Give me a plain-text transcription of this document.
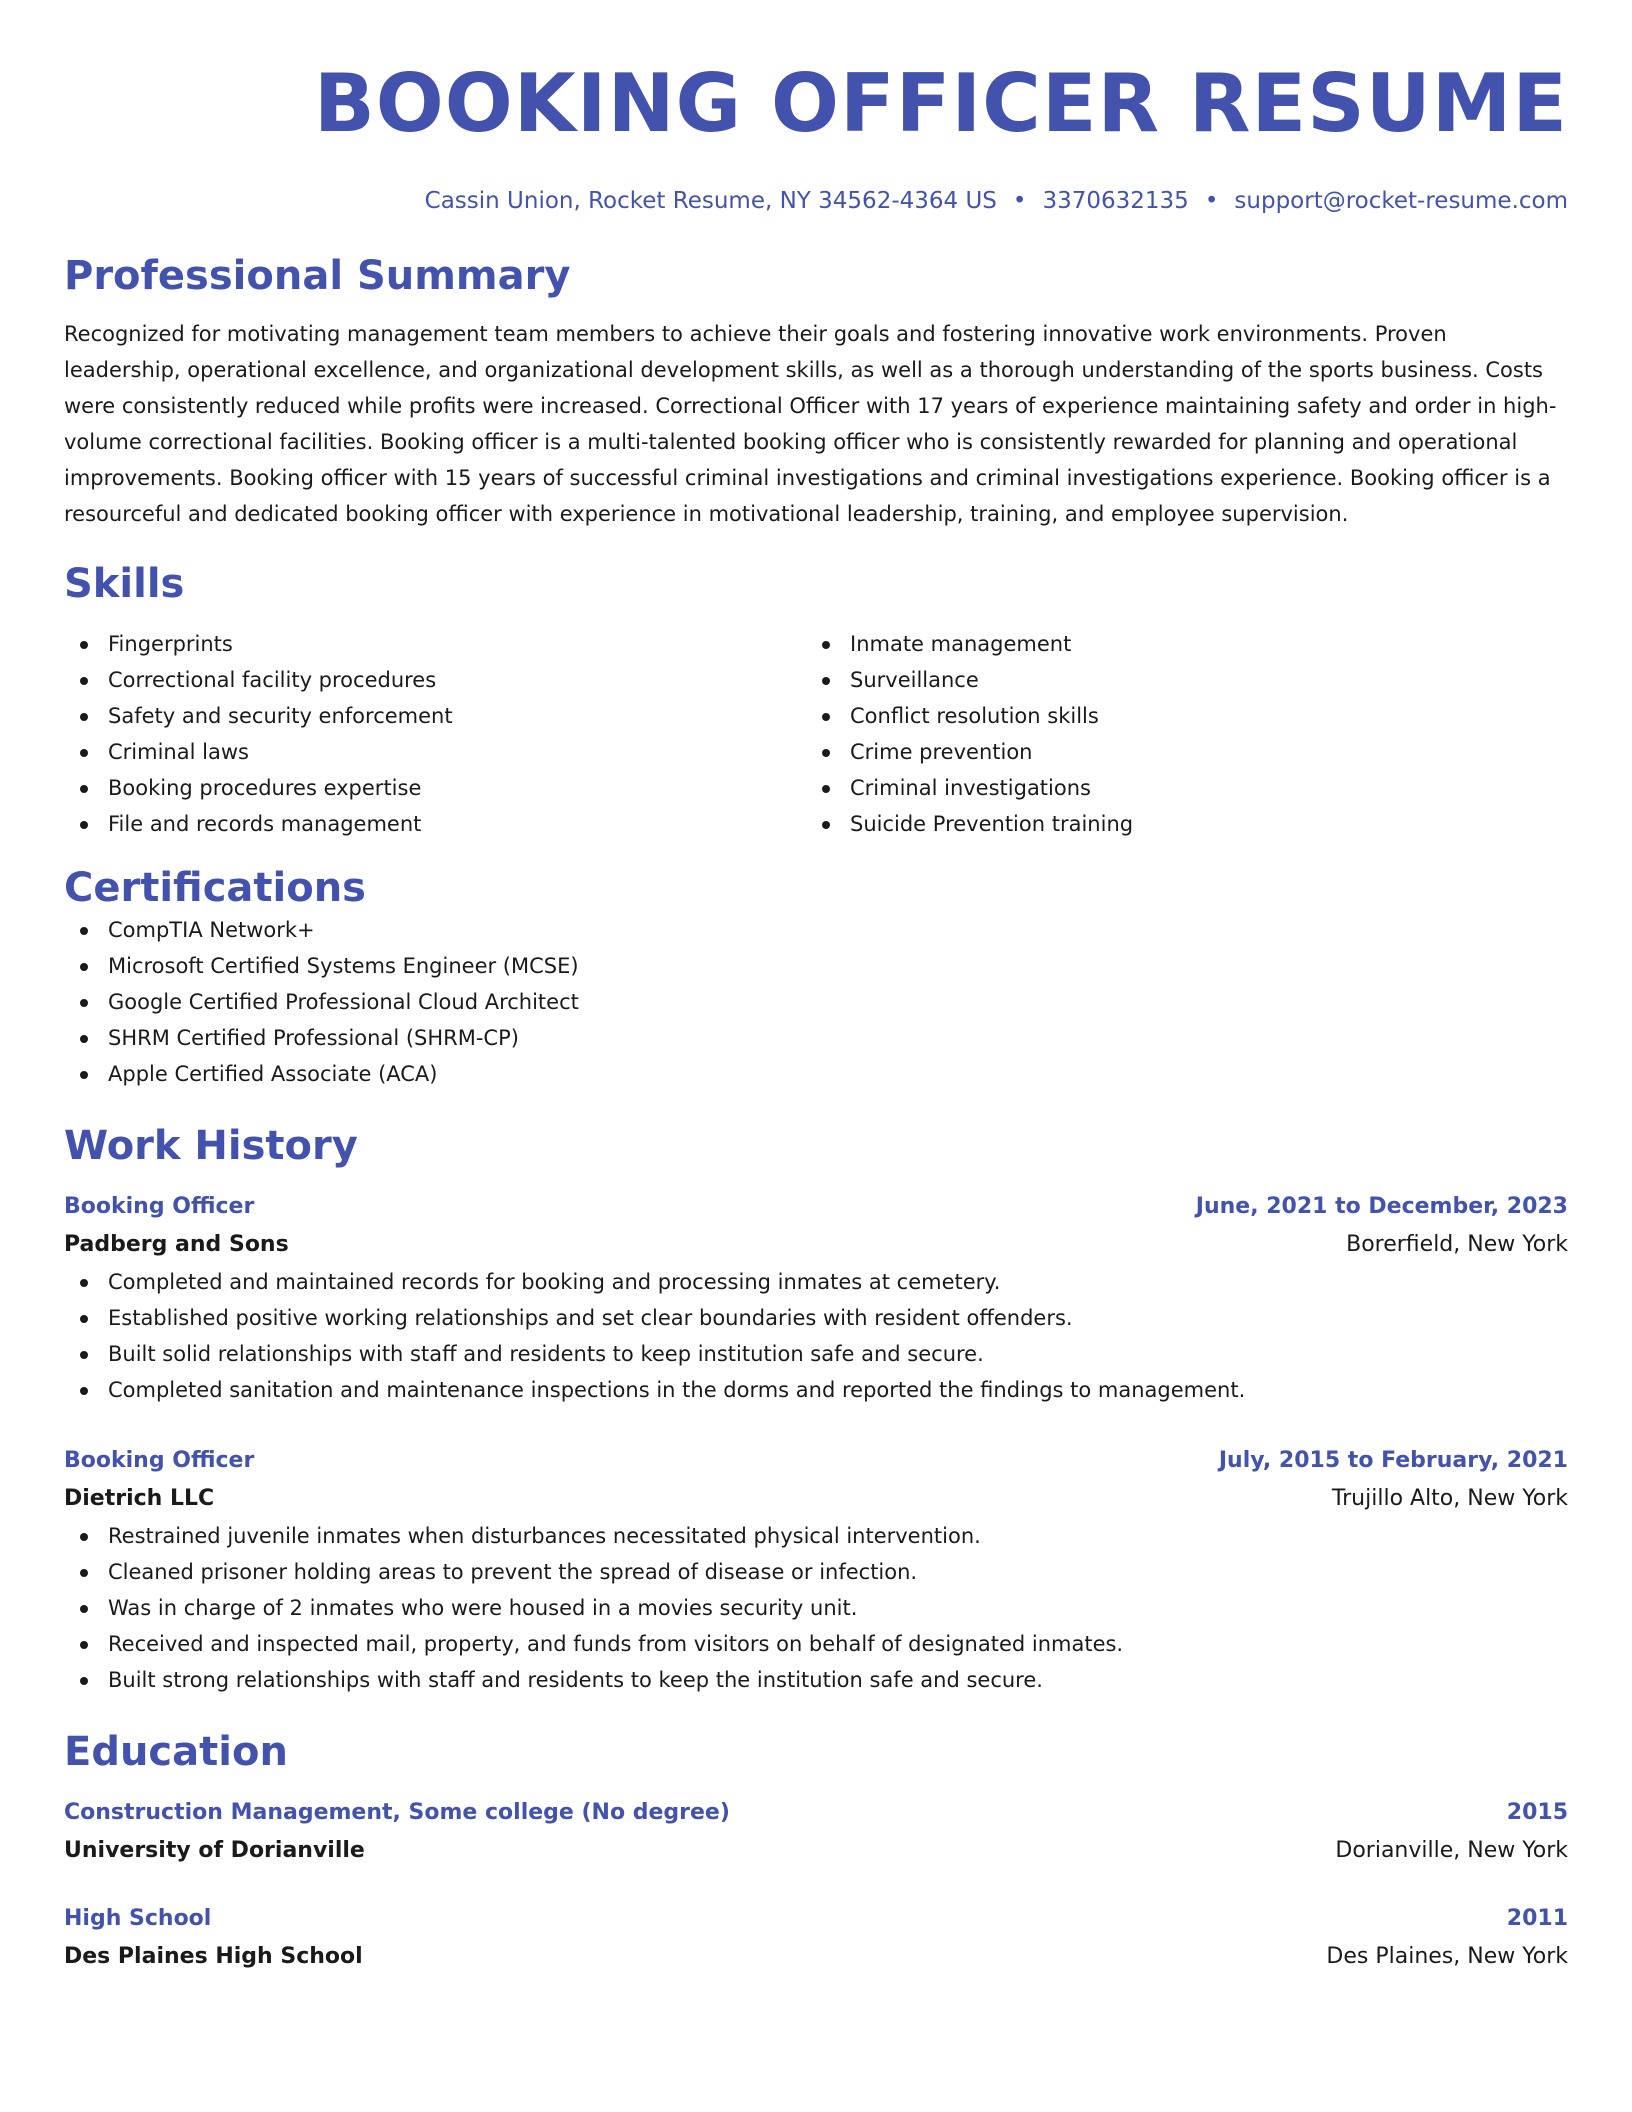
BOOKING OFFICER RESUME
Cassin Union, Rocket Resume, NY 34562-4364 US • 3370632135 • support@rocket-resume.com
Professional Summary

Recognized for motivating management team members to achieve their goals and fostering innovative work environments. Proven leadership, operational excellence, and organizational development skills, as well as a thorough understanding of the sports business. Costs were consistently reduced while profits were increased. Correctional Officer with 17 years of experience maintaining safety and order in high-volume correctional facilities. Booking officer is a multi-talented booking officer who is consistently rewarded for planning and operational improvements. Booking officer with 15 years of successful criminal investigations and criminal investigations experience. Booking officer is a resourceful and dedicated booking officer with experience in motivational leadership, training, and employee supervision.

Skills
Fingerprints
Correctional facility procedures
Safety and security enforcement
Criminal laws
Booking procedures expertise
File and records management
Inmate management
Surveillance
Conflict resolution skills
Crime prevention
Criminal investigations
Suicide Prevention training
Certifications
CompTIA Network+
Microsoft Certified Systems Engineer (MCSE)
Google Certified Professional Cloud Architect
SHRM Certified Professional (SHRM-CP)
Apple Certified Associate (ACA)
Work History
Booking Officer	June, 2021 to December, 2023
Padberg and Sons	Borerfield, New York
Completed and maintained records for booking and processing inmates at cemetery.
Established positive working relationships and set clear boundaries with resident offenders.
Built solid relationships with staff and residents to keep institution safe and secure.
Completed sanitation and maintenance inspections in the dorms and reported the findings to management.
Booking Officer	July, 2015 to February, 2021
Dietrich LLC	Trujillo Alto, New York
Restrained juvenile inmates when disturbances necessitated physical intervention.
Cleaned prisoner holding areas to prevent the spread of disease or infection.
Was in charge of 2 inmates who were housed in a movies security unit.
Received and inspected mail, property, and funds from visitors on behalf of designated inmates.
Built strong relationships with staff and residents to keep the institution safe and secure.
Education
Construction Management, Some college (No degree)	2015
University of Dorianville	Dorianville, New York
High School	2011
Des Plaines High School	Des Plaines, New York
